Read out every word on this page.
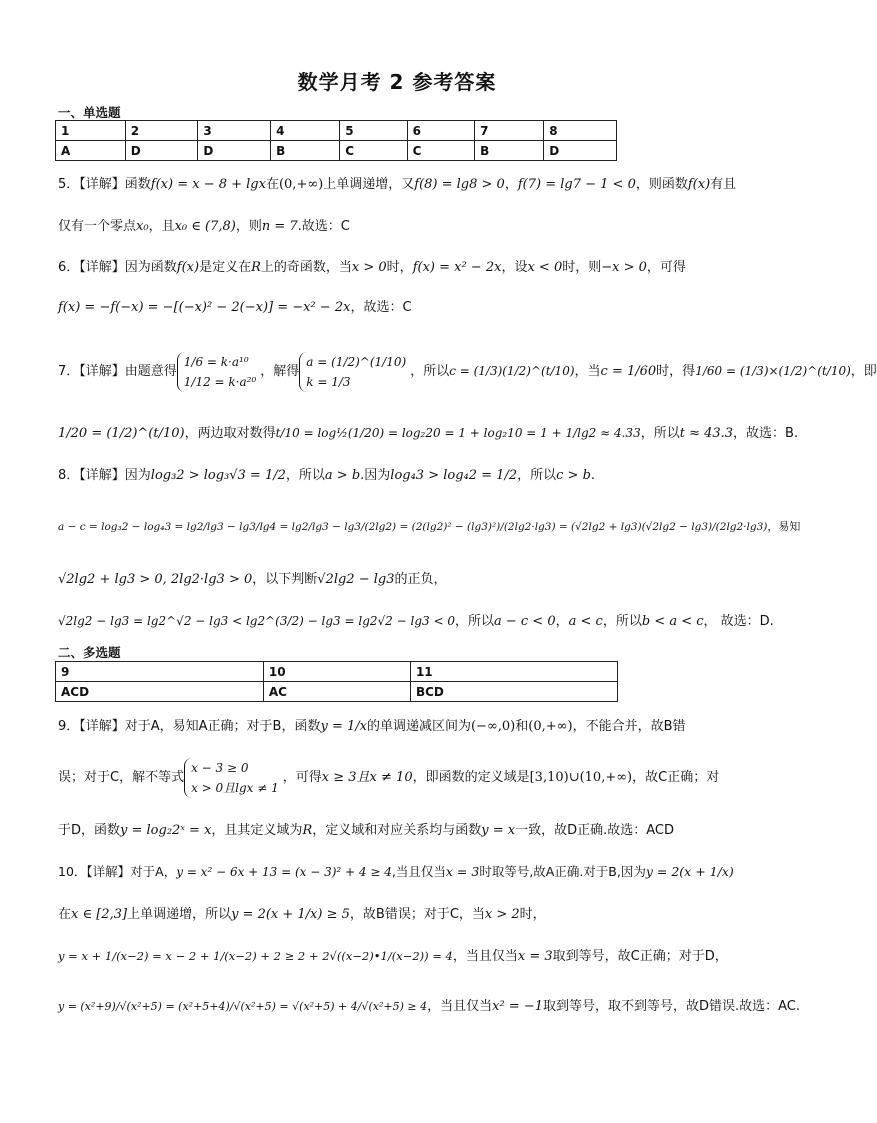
数学月考 2 参考答案
一、单选题
1	2	3	4	5	6	7	8
A	D	D	B	C	C	B	D
5．【详解】函数f(x) = x − 8 + lgx在(0,+∞)上单调递增，又f(8) = lg8 > 0，f(7) = lg7 − 1 < 0，则函数f(x)有且
仅有一个零点x₀，且x₀ ∈ (7,8)，则n = 7.故选：C
6．【详解】因为函数f(x)是定义在R上的奇函数，当x > 0时，f(x) = x² − 2x，设x < 0时，则−x > 0，可得
f(x) = −f(−x) = −[(−x)² − 2(−x)] = −x² − 2x，故选：C
7．【详解】由题意得
1/6 = k·a¹⁰
1/12 = k·a²⁰
，解得
a = (1/2)^(1/10)
k = 1/3
，所以c = (1/3)(1/2)^(t/10)，当c = 1/60时，得1/60 = (1/3)×(1/2)^(t/10)，即
1/20 = (1/2)^(t/10)，两边取对数得t/10 = log½(1/20) = log₂20 = 1 + log₂10 = 1 + 1/lg2 ≈ 4.33，所以t ≈ 43.3，故选：B.
8．【详解】因为log₃2 > log₃√3 = 1/2，所以a > b.因为log₄3 > log₄2 = 1/2，所以c > b.
a − c = log₃2 − log₄3 = lg2/lg3 − lg3/lg4 = lg2/lg3 − lg3/(2lg2) = (2(lg2)² − (lg3)²)/(2lg2·lg3) = (√2lg2 + lg3)(√2lg2 − lg3)/(2lg2·lg3)，易知
√2lg2 + lg3 > 0, 2lg2·lg3 > 0，以下判断√2lg2 − lg3的正负，
√2lg2 − lg3 = lg2^√2 − lg3 < lg2^(3/2) − lg3 = lg2√2 − lg3 < 0，所以a − c < 0，a < c，所以b < a < c， 故选：D.
二、多选题
9	10	11
ACD	AC	BCD
9．【详解】对于A，易知A正确；对于B，函数y = 1/x的单调递减区间为(−∞,0)和(0,+∞)，不能合并，故B错
误；对于C，解不等式
x − 3 ≥ 0
x > 0且lgx ≠ 1
，可得x ≥ 3且x ≠ 10，即函数的定义域是[3,10)∪(10,+∞)，故C正确；对
于D，函数y = log₂2ˣ = x，且其定义域为R，定义域和对应关系均与函数y = x一致，故D正确.故选：ACD
10．【详解】对于A，y = x² − 6x + 13 = (x − 3)² + 4 ≥ 4,当且仅当x = 3时取等号,故A正确.对于B,因为y = 2(x + 1/x)
在x ∈ [2,3]上单调递增，所以y = 2(x + 1/x) ≥ 5，故B错误；对于C，当x > 2时，
y = x + 1/(x−2) = x − 2 + 1/(x−2) + 2 ≥ 2 + 2√((x−2)•1/(x−2)) = 4，当且仅当x = 3取到等号，故C正确；对于D，
y = (x²+9)/√(x²+5) = (x²+5+4)/√(x²+5) = √(x²+5) + 4/√(x²+5) ≥ 4，当且仅当x² = −1取到等号，取不到等号，故D错误.故选：AC.
